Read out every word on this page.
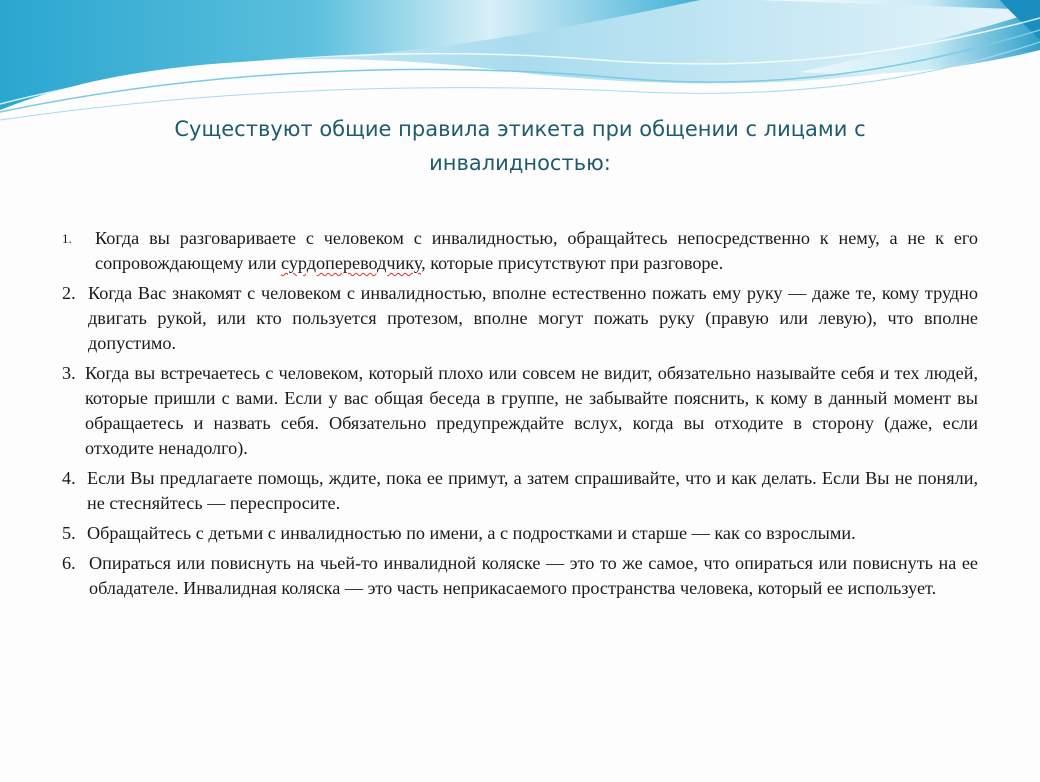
Существуют общие правила этикета при общении с лицами с инвалидностью:
1.	Когда вы разговариваете с человеком с инвалидностью, обращайтесь непосредственно к нему, а не к его сопровождающему или сурдопереводчику, которые присутствуют при разговоре.
2. Когда Вас знакомят с человеком с инвалидностью, вполне естественно пожать ему руку — даже те, кому трудно двигать рукой, или кто пользуется протезом, вполне могут пожать руку (правую или левую), что вполне допустимо.
3. Когда вы встречаетесь с человеком, который плохо или совсем не видит, обязательно называйте себя и тех людей, которые пришли с вами. Если у вас общая беседа в группе, не забывайте пояснить, к кому в данный момент вы обращаетесь и назвать себя. Обязательно предупреждайте вслух, когда вы отходите в сторону (даже, если отходите ненадолго).
4. Если Вы предлагаете помощь, ждите, пока ее примут, а затем спрашивайте, что и как делать. Если Вы не поняли, не стесняйтесь — переспросите.
5. Обращайтесь с детьми с инвалидностью по имени, а с подростками и старше — как со взрослыми.
6. Опираться или повиснуть на чьей-то инвалидной коляске — это то же самое, что опираться или повиснуть на ее обладателе. Инвалидная коляска — это часть неприкасаемого пространства человека, который ее использует.
